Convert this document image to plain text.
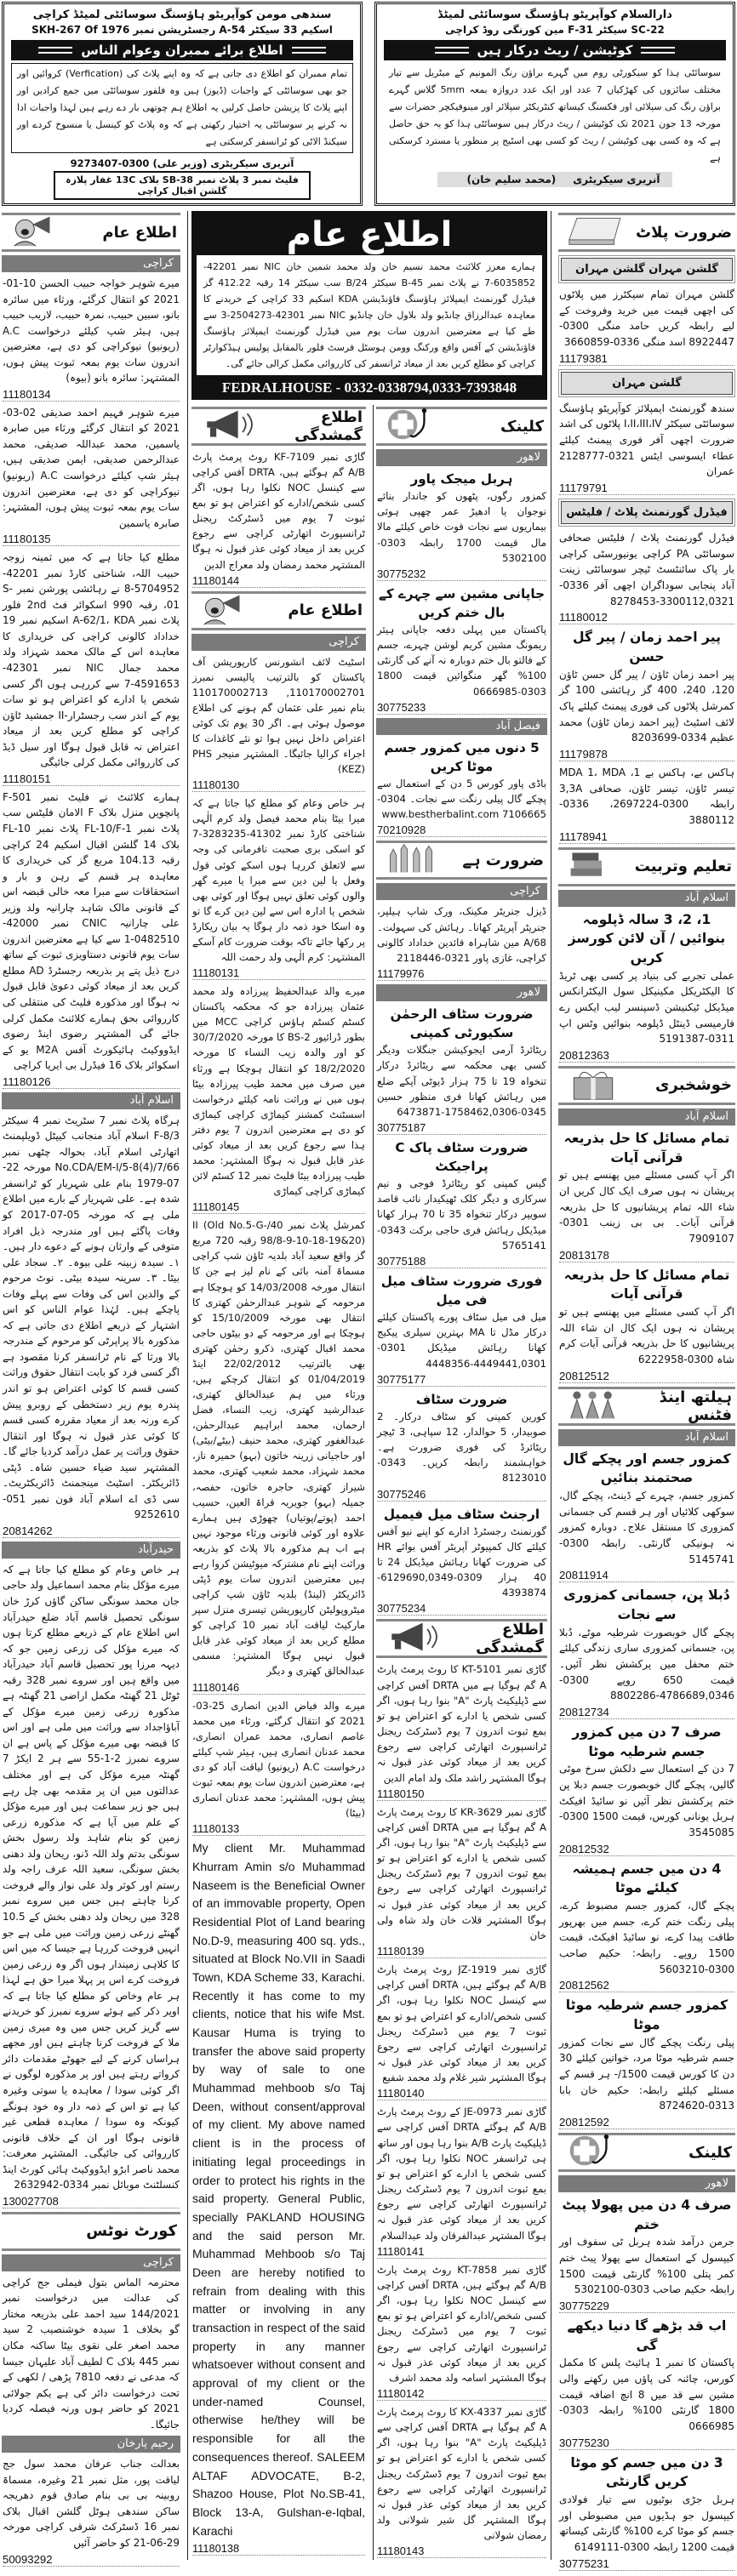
سندھی مومن کوآپریٹو ہاؤسنگ سوسائٹی لمیٹڈ کراچی
اسکیم 33 سیکٹر 54-A رجسٹریشن نمبر SKH-267 Of 1976
اطلاع برائے ممبران وعوام الناس
تمام ممبران کو اطلاع دی جاتی ہے کہ وہ اپنے پلاٹ کی (Verfication) کروائیں اور جو بھی سوسائٹی کے واجبات (ڈیوز) ہیں وہ فلفور سوسائٹی میں جمع کرادیں اور اپنے پلاٹ کا پزیشن حاصل کرلیں یہ اطلاع ہم چوتھی بار دے رہے ہیں لہذا واجبات ادا نہ کرنے پر سوسائٹی یہ اختیار رکھتی ہے کہ وہ پلاٹ کو کینسل یا منسوخ کردے اور سیکنڈ الاٹی کو ٹرانسفر کرسکتی ہے
آنریری سیکریٹری (وزیر علی) 0300-9273407
فلیٹ نمبر 3 پلاٹ نمبر SB-38 بلاک 13C غفار پلازہ گلشن اقبال کراچی
دارالسلام کوآپریٹو ہاؤسنگ سوسائٹی لمیٹڈ
SC-22 سیکٹر 31-F مین کورنگی روڈ کراچی
کوٹیشن / ریٹ درکار ہیں
سوسائٹی ہذا کو سیکورٹی روم میں گہرے براؤن رنگ المونیم کے میٹریل سے تیار مختلف سائزوں کی کھڑکیاں 7 عدد اور ایک عدد دروازہ بمعہ 5mm گلاس گہرے براؤن رنگ کی سپلائی اور فکسنگ کیساتھ کنٹریکٹر سپلائر اور مینوفیکچر حضرات سے مورخہ 13 جون 2021 تک کوٹیشن / ریٹ درکار ہیں سوسائٹی ہذا کو یہ حق حاصل ہے کہ وہ کسی بھی کوٹیشن / ریٹ کو کسی بھی اسٹیج پر منظور یا مسترد کرسکتی ہے
آنریری سیکریٹری(محمد سلیم خان)
اطلاع عام
کراچی
میرے شوہر خواجہ حبیب الحسن 10-01-2021 کو انتقال کرگئے، ورثاء میں سائرہ بانو، سبین حبیب، نمرہ حبیب، لاریب حبیب ہیں، ہیئر شپ کیلئے درخواست A.C (ریونیو) نیوکراچی کو دی ہے، معترضین اندرون سات یوم بمعہ ثبوت پیش ہوں، المشتہر: سائرہ بانو (بیوہ)
11180134
میرے شوہر فہیم احمد صدیقی 02-03-2021 کو انتقال کرگئے ورثاء میں صابرہ یاسمین، محمد عبداللہ صدیقی، محمد عبدالرحمن صدیقی، ایمن صدیقی ہیں، ہیئر شپ کیلئے درخواست A.C (ریونیو) نیوکراچی کو دی ہے، معترضین اندرون سات یوم بمعہ ثبوت پیش ہوں، المشتہر: صابرہ یاسمین
11180135
مطلع کیا جاتا ہے کہ میں ثمینہ زوجہ حبیب اللہ، شناختی کارڈ نمبر 42201-5704952-8 نے رہائشی پورشن نمبر S-01، رقبہ 990 اسکوائر فٹ 2nd فلور پلاٹ نمبر A-62/1، KDA اسکیم نمبر 19 خداداد کالونی کراچی کی خریداری کا معاہدہ اس کے مالک محمد شہزاد ولد محمد جمال NIC نمبر 42301-4591653-7 سے کررہی ہوں اگر کسی شخص یا ادارے کو اعتراض ہو تو سات یوم کے اندر سب رجسٹرار-II جمشید ٹاؤن کراچی کو مطلع کریں بعد از میعاد اعتراض نہ قابل قبول ہوگا اور سیل ڈیڈ کی کارروائی مکمل کرلی جائیگی
11180151
ہمارے کلائنٹ نے فلیٹ نمبر F-501 پانچویں منزل بلاک F الامان فلیٹس سب پلاٹ نمبر FL-10/F-1 پلاٹ نمبر FL-10 بلاک 14 گلشن اقبال اسکیم 24 کراچی رقبہ 104.13 مربع گز کی خریداری کا معاہدہ ہر قسم کے رہن و بار و استحقاقات سے مبرا معہ خالی قبضہ اس کے قانونی مالک شاہد چارانیہ ولد وزیر علی چارانیہ CNIC نمبر 42000-0482510-1 سے کیا ہے معترضین اندرون سات یوم قانونی دستاویزی ثبوت کے ساتھ درج ذیل پتے پر بذریعہ رجسٹرڈ AD مطلع کریں بعد از میعاد کوئی دعویٰ قابل قبول نہ ہوگا اور مذکورہ فلیٹ کی منتقلی کی کارروائی بحق ہمارے کلائنٹ مکمل کرلی جائے گی المشتہر رضوی اینڈ رضوی ایڈووکیٹ ہائیکورٹ آفس M2A یو کے اسکوائر بلاک 16 فیڈرل بی ایریا کراچی
11180126
اسلام آباد
ہرگاہ پلاٹ نمبر 7 سٹریٹ نمبر 4 سیکٹر F-8/3 اسلام آباد منجانب کیپٹل ڈویلپمنٹ اتھارٹی اسلام آباد، بحوالہ چٹھی نمبر No.CDA/EM-I/5-8(4)/7/66 مورخہ 22-07-1979 بنام علی شہریار کو ٹرانسفر شدہ ہے۔ علی شہریار کے بارے میں اطلاع ملی ہے کہ مورخہ 05-07-2017 کو وفات پاگئے ہیں اور مندرجہ ذیل افراد متوفی کے وارثان ہونے کے دعوے دار ہیں۔ ۱۔ سیدہ زبینہ علی بیوہ۔ ۲۔ سجاد علی بیٹا۔ ۳۔ سرینہ سیدہ بیٹی۔ نوٹ مرحوم کے والدین اس کی وفات سے پہلے وفات پاچکے ہیں۔ لہٰذا عوام الناس کو اس اشتہار کے ذریعے اطلاع دی جاتی ہے کہ مذکورہ بالا پراپرٹی کو مرحوم کے مندرجہ بالا ورثا کے نام ٹرانسفر کرنا مقصود ہے اگر کسی فرد کو بابت انتقال حقوق وراثت کسی قسم کا کوئی اعتراض ہو تو اندر پندرہ یوم زیر دستخطی کے روبرو پیش کرے ورنہ بعد از معیاد مقررہ کسی قسم کا کوئی عذر قبول نہ ہوگا اور انتقال حقوق وراثت پر عمل درآمد کردیا جائے گا۔ المشتہر سید ضیاء حسین شاہ۔ ڈپٹی ڈائریکٹر۔ اسٹیٹ مینجمنٹ ڈائریکٹریٹ۔ سی ڈی اے اسلام آباد فون نمبر 051-9252610
20814262
حیدرآباد
ہر خاص وعام کو مطلع کیا جاتا ہے کہ میرے مؤکل بنام محمد اسماعیل ولد حاجی جان محمد سونگی ساکن گاؤں کرڑ خان سونگی تحصیل قاسم آباد ضلع حیدرآباد اس اطلاع عام کے ذریعے مطلع کرتا ہوں کہ میرے مؤکل کی زرعی زمین جو کہ دیہہ مرزا پور تحصیل قاسم آباد حیدرآباد میں واقع ہیں اور سروے نمبر 328 رقبہ ٹوٹل 21 گھنٹہ مکمل اراضی 21 گھنٹہ ہے مذکورہ زرعی زمین میرے مؤکل کے آباؤاجداد سے وراثت میں ملی ہے اور اس کا قبضہ بھی میرے مؤکل کے پاس ہے ان سروے نمبرز 2-1-55 سے ہر 2 ایکڑ 7 گھنٹہ میرے مؤکل کی ہے اور مختلف عدالتوں میں ان پر مقدمہ بھی چل رہے ہیں جو زیر سماعت ہیں اور میرے مؤکل کے علم میں آیا ہے کہ مذکورہ زرعی زمین کو بنام شاہد ولد رسول بخش سونگی بدتم ولد اللہ ڈنو، ریحان ولد دھنی بخش سونگی، سعید اللہ عرف راجہ ولد رستم اور کوثر ولد علی نواز والے فروخت کرنا چاہتے ہیں جس میں سروے نمبر 328 میں ریحان ولد دھنی بخش کے 10.5 گھنٹے زرعی زمین وراثت میں ملی ہے جو انہیں فروخت کررہا ہے جیسا کہ میں اس کا کلاہی زمیندار ہوں اگر وہ زرعی زمین فروخت کرے اس پر پہلا میرا حق ہے لہذا ہر عام وخاص کو مطلع کیا جاتا ہے کہ اوپر ذکر کیے ہوئے سروے نمبرز کو خریدنے سے گریز کریں جس میں وہ میری زمین ملا کے فروخت کرنا چاہتے ہیں اور مجھے ہراساں کرنے کے لیے جھوٹے مقدمات دائر کرواتے رہتے ہیں اور پر مذکورہ لوگوں نے اگر کوئی سودا / معاہدہ یا سوتی وغیرہ کیا ہے تو اس کے ذمہ دار وہ خود ہونگے کیونکہ وہ سودا / معاہدہ قطعی غیر قانونی ہوگا اور ان کے خلاف قانونی کارروائی کی جائیگی۔ المشتہر معرفت: محمد ناصر ابڑو ایڈووکیٹ ہائی کورٹ اینڈ کنسلٹنٹ موبائل نمبر 0334-2632942
130027708
کورٹ نوٹس
کراچی
محترمہ الماس بتول فیملی جج کراچی کی عدالت میں درخواست نمبر 144/2021 سید احمد علی بذریعہ مختار گو بخلاف 1 سیدہ خوشنصیب 2 سید محمد اصغر علی نقوی بیٹا ساکنہ مکان نمبر 445 بلاک C لطیف آباد علیہان جیسا کہ مدعی نے دفعہ 7810 پڑھی / لکھی کے تحت درخواست دائر کی ہے یکم جولائی 2021 کو حاضر ہوں ورنہ فیصلہ کردیا جائیگا۔
رحیم یارخان
بعدالت جناب عرفان محمد سول جج لیاقت پور، مثل نمبر 21 وغیرہ، مسماۃ روبینہ بی بی بنام صادق قوم دھریجہ ساکن سندھی ہوٹل گلشن اقبال بلاک نمبر 16 ڈسٹرکٹ شرقی کراچی مورخہ 29-06-21 کو حاضر آئیں
50093292
اطلاع عام
ہمارے معزز کلائنٹ محمد نسیم خان ولد محمد شمین خان NIC نمبر 42201-6035852-7 نے پلاٹ نمبر B-45 سیکٹر 24/B سب سیکٹر 14 رقبہ 412.22 گز فیڈرل گورنمنٹ ایمپلائز ہاؤسنگ فاؤنڈیشن KDA اسکیم 33 کراچی کے خریدنے کا معاہدہ عبدالرزاق چانڈیو ولد بلاول خان چانڈیو NIC نمبر 42301-2504273-3 سے طے کیا ہے معترضین اندرون سات یوم میں فیڈرل گورنمنٹ ایمپلائز ہاؤسنگ فاؤنڈیشن کے آفس واقع ورکنگ وومن ہوسٹل فرسٹ فلور بالمقابل پولیس ہیڈکوارٹر کراچی کو مطلع کریں بعد از میعاد ٹرانسفر کی کارروائی مکمل کرالی جائے گی۔
FEDRALHOUSE - 0332-0338794,0333-7393848
اطلاع گمشدگی
گاڑی نمبر KF-7109 روٹ پرمٹ پارٹ A/B گم ہوگئے ہیں، DRTA آفس کراچی سے کینسل NOC نکلوا رہا ہوں، اگر کسی شخص/ادارے کو اعتراض ہو تو بمع ثبوت 7 یوم میں ڈسٹرکٹ ریجنل ٹرانسپورٹ اتھارٹی کراچی سے رجوع کریں بعد از میعاد کوئی عذر قبول نہ ہوگا المشتہر محمد رمضان ولد معراج الدین
11180144
اطلاع عام
کراچی
اسٹیٹ لائف انشورنس کارپوریشن آف پاکستان کو بالترتیب پالیسی نمبرز 110170002701, 110170002713 بنام نمیر علی عثمان گم ہونے کی اطلاع موصول ہوئی ہے۔ اگر 30 یوم تک کوئی اعتراض داخل نہیں ہوا تو نئے کاغذات کا اجراء کرالیا جائیگا۔ المشتہر منیجر PHS (KEZ)
11180130
ہر خاص وعام کو مطلع کیا جاتا ہے کہ میرا بیٹا بنام محمد فیصل ولد کرم الٰہی شناختی کارڈ نمبر 41302-3283235-7 کو اسکی بری صحبت نافرمانی کی وجہ سے لاتعلق کررہا ہوں اسکے کوئی قول وفعل یا لین دین سے میرا یا میرے گھر والوں کوئی تعلق نہیں ہوگا اور کوئی بھی شخص یا ادارہ اس سے لین دین کرے گا تو وہ اسکا خود ذمہ دار ہوگا یہ بیان ریکارڈ پر رکھا جائے تاکہ بوقت ضرورت کام آسکے المشتہر: کرم الٰہی ولد رحمت اللہ
11180131
میرے والد عبدالحفیظ پیرزادہ ولد محمد عثمان پیرزادہ جو کہ محکمہ پاکستان کسٹم کسٹم ہاؤس کراچی MCC میں بطور ڈرائیور BS-2 کا مورخہ 30/7/2020 کو اور والدہ زیب النساء کا مورخہ 18/2/2020 کو انتقال ہوچکا ہے ورثاء میں صرف میں محمد طیب پیرزادہ بیٹا ہوں میں نے وراثت نامہ کیلئے درخواست اسسٹنٹ کمشنر کیماڑی کراچی کیماڑی کو دی ہے معترضین اندرون 7 یوم دفتر ہذا سے رجوع کریں بعد از میعاد کوئی عذر قابل قبول نہ ہوگا المشتہر: محمد طیب پیرزادہ بیٹا فلیٹ نمبر 12 کسٹم لائن کیماڑی کراچی کیماڑی
11180145
کمرشل پلاٹ نمبر 40/II (Old No.5-G-98/8-9-10-18-19&20) رقبہ 720 مربع گز واقع سعید آباد بلدیہ ٹاؤن شپ کراچی مسماۃ آمنہ بائی کے نام لیز ہے جن کا انتقال مورخہ 14/03/2008 کو ہوچکا ہے مرحومہ کے شوہر عبدالرحمٰن کھتری کا انتقال بھی مورخہ 15/10/2009 کو ہوچکا ہے اور مرحومہ کے دو بیٹوں حاجی محمد اقبال کھتری، ذکرو رحمٰن کھتری بھی بالترتیب 22/02/2012 اینڈ 01/04/2019 کو انتقال کرچکے ہیں، ورثاء میں ہم عبدالخالق کھتری، عبدالرشید کھتری، زیب النساء، فضل ارحمان، محمد ابراہیم عبدالرحمٰن، عبدالغفور کھتری، محمد حنیف (بیٹے/بیٹی) اور حاجیانی زرینہ خاتون (بہو) حمیرہ ناز، محمد شہزاد، محمد شعیب کھتری، محمد شیراز کھتری، حاجرہ خاتون، حفصہ، جمیلہ (بہو) جویریہ قراۃ العین، حسیب احمد (پوتے/پوتیاں) چھوڑی ہیں ہمارے علاوہ اور کوئی قانونی ورثاء موجود نہیں ہے اب ہم مذکورہ بالا پلاٹ کو بذریعہ وراثت اپنے نام مشترکہ میوٹیشن کروا رہے ہیں معترضین اندرون سات یوم ڈپٹی ڈائریکٹر (لینڈ) بلدیہ ٹاؤن شپ کراچی میٹروپولیٹن کارپوریشن تیسری منزل سپر مارکیٹ لیاقت آباد نمبر 10 کراچی کو مطلع کریں بعد از میعاد کوئی عذر قابل قبول نہیں ہوگا المشتہر: مسمی عبدالخالق کھتری و دیگر
11180146
میرے والد فیاض الدین انصاری 25-03-2021 کو انتقال کرگئے، ورثاء میں محمد عاصم انصاری، محمد عمران انصاری، محمد عدنان انصاری ہیں، ہیئر شپ کیلئے درخواست A.C (ریونیو) لیاقت آباد کو دی ہے، معترضین اندرون سات یوم بمعہ ثبوت پیش ہوں، المشتہر: محمد عدنان انصاری (بیٹا)
11180133
My client Mr. Muhammad Khurram Amin s/o Muhammad Naseem is the Beneficial Owner of an immovable property, Open Residential Plot of Land bearing No.D-9, measuring 400 sq. yds., situated at Block No.VII in Saadi Town, KDA Scheme 33, Karachi. Recently it has come to my clients, notice that his wife Mst. Kausar Huma is trying to transfer the above said property by way of sale to one Muhammad mehboob s/o Taj Deen, without consent/approval of my client. My above named client is in the process of initiating legal proceedings in order to protect his rights in the said property. General Public, specially PAKLAND HOUSING and the said person Mr. Muhammad Mehboob s/o Taj Deen are hereby notified to refrain from dealing with this matter or involving in any transaction in respect of the said property in any manner whatsoever without consent and approval of my client or the under-named Counsel, otherwise he/they will be responsible for all the consequences thereof. SALEEM ALTAF ADVOCATE, B-2, Shazoo House, Plot No.SB-41, Block 13-A, Gulshan-e-Iqbal, Karachi
11180138
کلینک
لاهور
ہربل میجک پاور
کمزور رگوں، پٹھوں کو جاندار بنائے نوجوان یا ادھیڑ عمر چھپی ہوئی بیماریوں سے نجات قوت خاص کیلئے مالا مال قیمت 1700 رابطہ 0303-5302100
30775232
جاپانی مشین سے چہرے کے بال ختم کریں
پاکستان میں پہلی دفعہ جاپانی ہیئر ریمونگ مشین کریم لوشن چہرے، جسم کے فالتو بال ختم دوبارہ نہ آنے کی گارنٹی 100% گھر منگوائیں قیمت 1800 0303-0666985
30775233
فیصل آباد
5 دنوں میں کمزور جسم موٹا کریں
باڈی پاور کورس 5 دن کے استعمال سے پچکے گال پیلی رنگت سے نجات۔ 0304-7106665 www.bestherbalint.com
70210928
ضرورت ہے
کراچی
ڈیزل جنریٹر مکینک، ورک شاپ ہیلپر، جنریٹر آپریٹر کھانا۔ رہائش کی سہولت۔ A/68 مین شاہراہ قائدین خداداد کالونی کراچی، غازی پاور 0321-2118446
11179976
لاهور
ضرورت سٹاف الرحمٰن سکیورٹی کمپنی
ریٹائرڈ آرمی ایجوکیشن جنگلات ودیگر کسی بھی محکمہ سے ریٹائرڈ درکار تنخواہ 19 تا 75 ہزار ڈیوٹی آپکے ضلع میں رہائش کھانا فری منظور حسین 0345-1758462,0306-6473871
30775187
ضرورت سٹاف پاک C پراجیکٹ
گیس کمپنی کو ریٹائرڈ فوجی و نیم سرکاری و دیگر کلک ٹھیکیدار نائب قاصد سویپر درکار تنخواہ 35 تا 70 ہزار کھانا میڈیکل رہائش فری حاجی برکت 0343-5765141
30775188
فوری ضرورت سٹاف میل فی میل
میل فی میل سٹاف پورے پاکستان کیلئے درکار مڈل تا MA بہترین سیلری پیکیج کھانا رہائش میڈیکل 0301-4449441,0301-4448356
30775177
ضرورت سٹاف
کورین کمپنی کو سٹاف درکار۔ 2 صوبیدار، 5 حوالدار، 12 سپاہی، 3 ٹیچر ریٹائرڈ کی فوری ضرورت ہے۔ خواہشمند رابطہ کریں۔ 0343-8123010
30775246
ارجنٹ سٹاف میل فیمیل
گورنمنٹ رجسٹرڈ ادارے کو اپنے نیو آفس کیلئے کال کمپیوٹر آپریٹر آفس بوائے HR کی ضرورت کھانا رہائش میڈیکل 24 تا 40 ہزار 0309-6129690,0349-4393874
30775234
اطلاع گمشدگی
گاڑی نمبر KT-5101 کا روٹ پرمٹ پارٹ A گم ہوگیا ہے میں DRTA آفس کراچی سے ڈپلیکیٹ پارٹ "A" بنوا رہا ہوں، اگر کسی شخص یا ادارے کو اعتراض ہو تو بمع ثبوت اندرون 7 یوم ڈسٹرکٹ ریجنل ٹرانسپورٹ اتھارٹی کراچی سے رجوع کریں بعد از میعاد کوئی عذر قبول نہ ہوگا المشتہر راشد ملک ولد امام الدین
11180150
گاڑی نمبر KR-3629 کا روٹ پرمٹ پارٹ A گم ہوگیا ہے میں DRTA آفس کراچی سے ڈپلیکیٹ پارٹ "A" بنوا رہا ہوں، اگر کسی شخص یا ادارے کو اعتراض ہو تو بمع ثبوت اندرون 7 یوم ڈسٹرکٹ ریجنل ٹرانسپورٹ اتھارٹی کراچی سے رجوع کریں بعد از میعاد کوئی عذر قبول نہ ہوگا المشتہر قلات خان ولد شاہ ولی خان
11180139
گاڑی نمبر JZ-1919 روٹ پرمٹ پارٹ A/B گم ہوگئے ہیں، DRTA آفس کراچی سے کینسل NOC نکلوا رہا ہوں، اگر کسی شخص/ادارے کو اعتراض ہو تو بمع ثبوت 7 یوم میں ڈسٹرکٹ ریجنل ٹرانسپورٹ اتھارٹی کراچی سے رجوع کریں بعد از میعاد کوئی عذر قبول نہ ہوگا المشتہر شیر غلام ولد محمد شفیع
11180140
گاڑی نمبر JE-0973 کے روٹ پرمٹ پارٹ A/B گم ہوگئے DRTA آفس کراچی سے ڈپلیکیٹ پارٹ A/B بنوا رہا ہوں اور ساتھ ہی ٹرانسفر NOC نکلوا رہا ہوں، اگر کسی شخص یا ادارے کو اعتراض ہو تو بمع ثبوت اندرون 7 یوم ڈسٹرکٹ ریجنل ٹرانسپورٹ اتھارٹی کراچی سے رجوع کریں بعد از میعاد کوئی عذر قبول نہ ہوگا المشتہر عبدالفرقان ولد عبدالسلام
11180141
گاڑی نمبر KT-7858 روٹ پرمٹ پارٹ A/B گم ہوگئے ہیں، DRTA آفس کراچی سے کینسل NOC نکلوا رہا ہوں، اگر کسی شخص/ادارے کو اعتراض ہو تو بمع ثبوت 7 یوم میں ڈسٹرکٹ ریجنل ٹرانسپورٹ اتھارٹی کراچی سے رجوع کریں بعد از میعاد کوئی عذر قبول نہ ہوگا المشتہر اسامہ ولد محمد اشرف
11180142
گاڑی نمبر KX-4337 کا روٹ پرمٹ پارٹ A گم ہوگیا ہے DRTA آفس کراچی سے ڈپلیکیٹ پارٹ "A" بنوا رہا ہوں، اگر کسی شخص یا ادارے کو اعتراض ہو تو بمع ثبوت اندرون 7 یوم ڈسٹرکٹ ریجنل ٹرانسپورٹ اتھارٹی کراچی سے رجوع کریں بعد از میعاد کوئی عذر قبول نہ ہوگا المشتہر گل شیر شولانی ولد رمضان شولانی
11180143
ضرورت پلاٹ
گلشن مہران گلشن مہران
گلشن مہران تمام سیکٹرز میں پلاٹوں کی اچھی قیمت میں خرید وفروخت کے لیے رابطہ کریں حامد منگی 0300-8922447 اسد منگی 0336-3660859
11179381
گلشن مہران
سندھ گورنمنٹ ایمپلائز کوآپریٹو ہاؤسنگ سوسائٹی سیکٹر I،II،III،IV پلاٹوں کی اشد ضرورت اچھی آفر فوری پیمنٹ کیلئے عطاء ایسوسی ایٹس 0321-2128777 عمران
11179791
فیڈرل گورنمنٹ پلاٹ / فلیٹس
فیڈرل گورنمنٹ پلاٹ / فلیٹس صحافی سوسائٹی PA کراچی یونیورسٹی کراچی بار پاک سائنٹسٹ ٹیچر سوسائٹی زینت آباد پنجابی سوداگران اچھی آفر 0336-3300112,0321-8278453
11180012
پیر احمد زمان / پیر گل حسن
پیر احمد زمان ٹاؤن / پیر گل حسن ٹاؤن 120، 240، 400 گز رہائشی 100 گز کمرشل پلاٹوں کی فوری پیمنٹ کیلئے پاک لائف اسٹیٹ (پیر احمد زمان ٹاؤن) محمد عظیم 0334-8203699
11179878
ہاکس بے، ہاکس بے 1، MDA 1، MDA تیسر ٹاؤن، تیسر ٹاؤن، صحافی 3,3A رابطہ 0300-2697224، 0336-3880112
11178941
تعلیم وتربیت
اسلام آباد
1، 2، 3 سالہ ڈپلومہ بنوائیں / آن لائن کورسز کریں
عملی تجربے کی بنیاد پر کسی بھی ٹریڈ کا الیکٹریکل مکینیکل سول الیکٹرانکس میڈیکل ٹیکنیشن ڈسپنسر لیب ایکس رے فارمیسی ڈینٹل ڈپلومہ بنوائیں وٹس اپ 0311-5191387
20812363
خوشخبری
اسلام آباد
تمام مسائل کا حل بذریعہ قرآنی آیات
اگر آپ کسی مسئلے میں پھنسے ہیں تو پریشان نہ ہوں صرف ایک کال کریں ان شاء اللہ تمام پریشانیوں کا حل بذریعہ قرآنی آیات۔ بی بی زینب 0301-7909107
20813178
تمام مسائل کا حل بذریعہ قرآنی آیات
اگر آپ کسی مسئلے میں پھنسے ہیں تو پریشان نہ ہوں ایک کال ان شاء اللہ پریشانیوں کا حل بذریعہ قرآنی آیات کرم شاہ 0300-6222958
20812512
ہیلتھ اینڈ فٹنس
اسلام آباد
کمزور جسم اور پچکے گال صحتمند بنائیں
کمزور جسم، چہرے کے ڈینٹ، پچکے گال، سوکھی کلائیاں اور ہر قسم کی جسمانی کمزوری کا مستقل علاج۔ دوبارہ کمزور نہ ہونیکی گارنٹی۔ رابطہ 0300-5145741
20811914
دُبلا پن، جسمانی کمزوری سے نجات
پچکے گال خوبصورت شرطیہ موٹے، دُبلا پن، جسمانی کمزوری ساری زندگی کیلئے ختم محفل میں پرکشش نظر آئیں۔ قیمت 650 روپے 0300-4786689,0346-8802286
20812734
صرف 7 دن میں کمزور جسم شرطیہ موٹا
7 دن کے استعمال سے دلکش سرخ موٹی گالیں، پچکے گال خوبصورت جسم دبلا پن ختم پرکشش نظر آئیں نو سائیڈ افیکٹ ہربل یونانی کورس، قیمت 1500 0300-3545085
20812532
4 دن میں جسم ہمیشہ کیلئے موٹا
پچکے گال، کمزور جسم مضبوط کرے، پیلی رنگت ختم کرے، جسم میں بھرپور طاقت پیدا کرے، نو سائیڈ افیکٹ، قیمت 1500 روپے۔ رابطہ: حکیم صاحب 0300-5603210
20812562
کمزور جسم شرطیہ موٹا موٹا
پیلی رنگت پچکے گال سے نجات کمزور جسم شرطیہ موٹا مرد، خواتین کیلئے 30 دن کا کورس قیمت 1500/- ہر قسم کے مسئلے کیلئے رابطہ: حکیم خان بابا 0313-8724620
20812592
کلینک
لاهور
صرف 4 دن میں پھولا پیٹ ختم
جرمن درآمد شدہ ہربل ٹی سفوف اور کیپسول کے استعمال سے پھولا پیٹ ختم کمر پتلی 100% گارنٹی قیمت 1500 رابطہ حکیم صاحب 0303-5302100
30775229
اب قد بڑھے گا دنیا دیکھے گی
پاکستان کا نمبر 1 ہائیٹ پلس کا مکمل کورس، چائنہ کی پاؤں میں رکھنے والی مشین سے قد میں 8 انچ اضافہ قیمت 1800 گارنٹی 100% رابطہ 0303-0666985
30775230
3 دن میں جسم کو موٹا کریں گارنٹی
ہربل جڑی بوٹیوں سے تیار فولادی کیپسول جو ہڈیوں میں مضبوطی اور جسم کو موٹا کرے 100% گارنٹی کیساتھ قیمت 1200 رابطہ 0300-6149111
30775231
